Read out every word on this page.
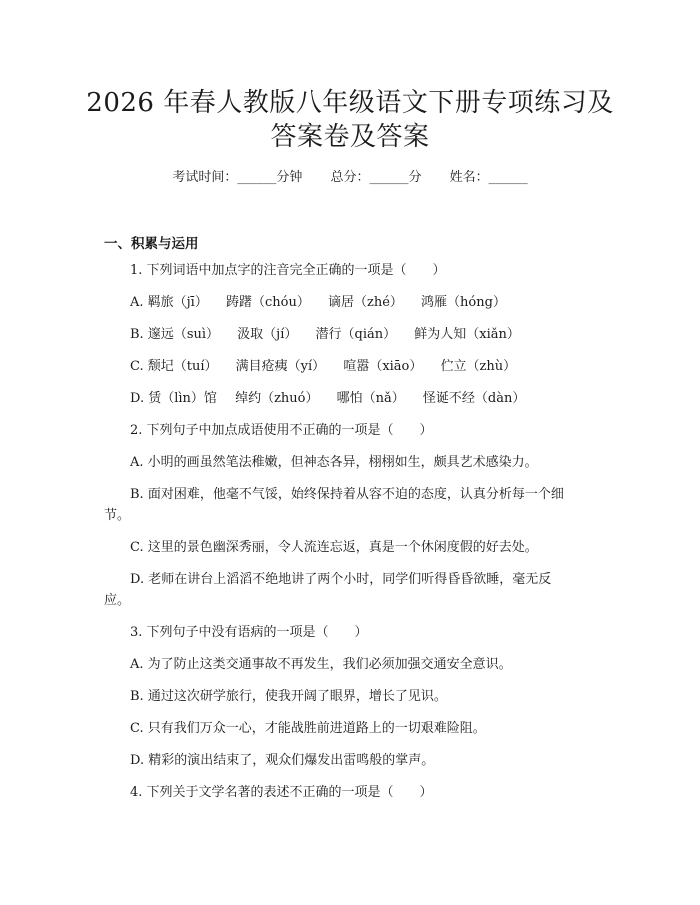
2026 年春人教版八年级语文下册专项练习及
答案卷及答案
考试时间：______分钟 总分：______分 姓名：______
一、积累与运用
1. 下列词语中加点字的注音完全正确的一项是（　　）
A. 羁旅（jī） 踌躇（chóu） 谪居（zhé） 鸿雁（hóng）
B. 邃远（suì） 汲取（jí） 潜行（qián） 鲜为人知（xiǎn）
C. 颓圮（tuí） 满目疮痍（yí） 喧嚣（xiāo） 伫立（zhù）
D. 赁（lìn）馆 绰约（zhuó） 哪怕（nǎ） 怪诞不经（dàn）
2. 下列句子中加点成语使用不正确的一项是（　　）
A. 小明的画虽然笔法稚嫩，但神态各异，栩栩如生，颇具艺术感染力。
B. 面对困难，他毫不气馁，始终保持着从容不迫的态度，认真分析每一个细
节。
C. 这里的景色幽深秀丽，令人流连忘返，真是一个休闲度假的好去处。
D. 老师在讲台上滔滔不绝地讲了两个小时，同学们听得昏昏欲睡，毫无反
应。
3. 下列句子中没有语病的一项是（　　）
A. 为了防止这类交通事故不再发生，我们必须加强交通安全意识。
B. 通过这次研学旅行，使我开阔了眼界，增长了见识。
C. 只有我们万众一心，才能战胜前进道路上的一切艰难险阻。
D. 精彩的演出结束了，观众们爆发出雷鸣般的掌声。
4. 下列关于文学名著的表述不正确的一项是（　　）
